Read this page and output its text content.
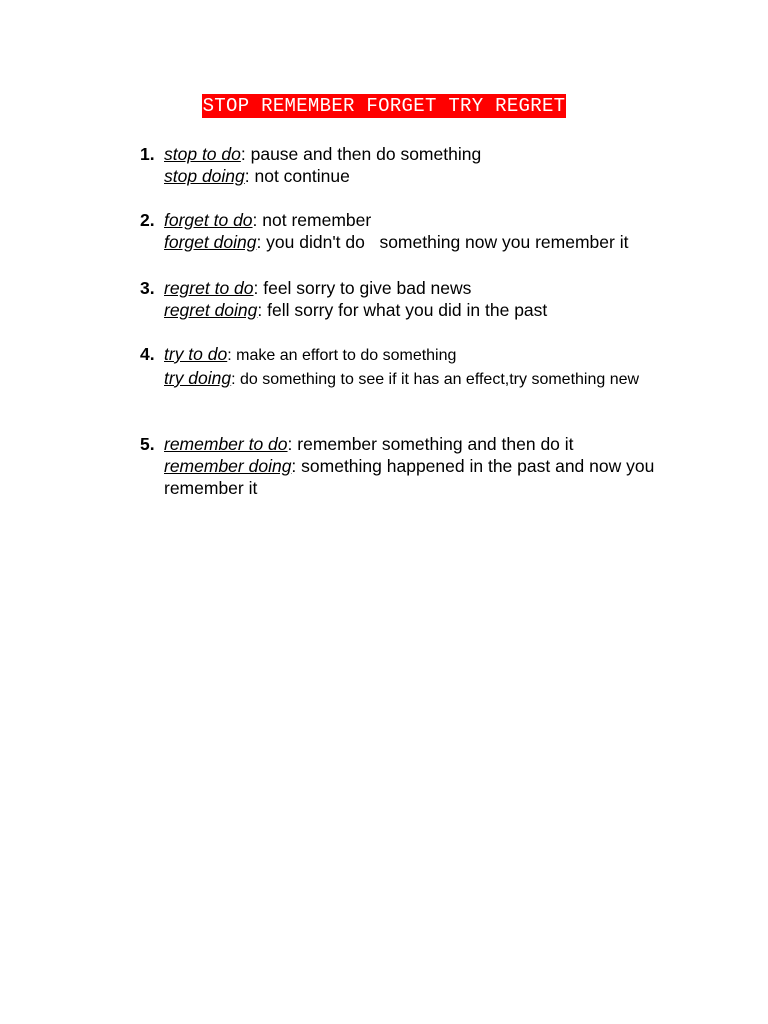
STOP REMEMBER FORGET TRY REGRET
1. stop to do: pause and then do something
stop doing: not continue
2. forget to do: not remember
forget doing: you didn't do   something now you remember it
3. regret to do: feel sorry to give bad news
regret doing: fell sorry for what you did in the past
4. try to do: make an effort to do something
try doing: do something to see if it has an effect,try something new
5. remember to do: remember something and then do it
remember doing: something happened in the past and now you remember it
